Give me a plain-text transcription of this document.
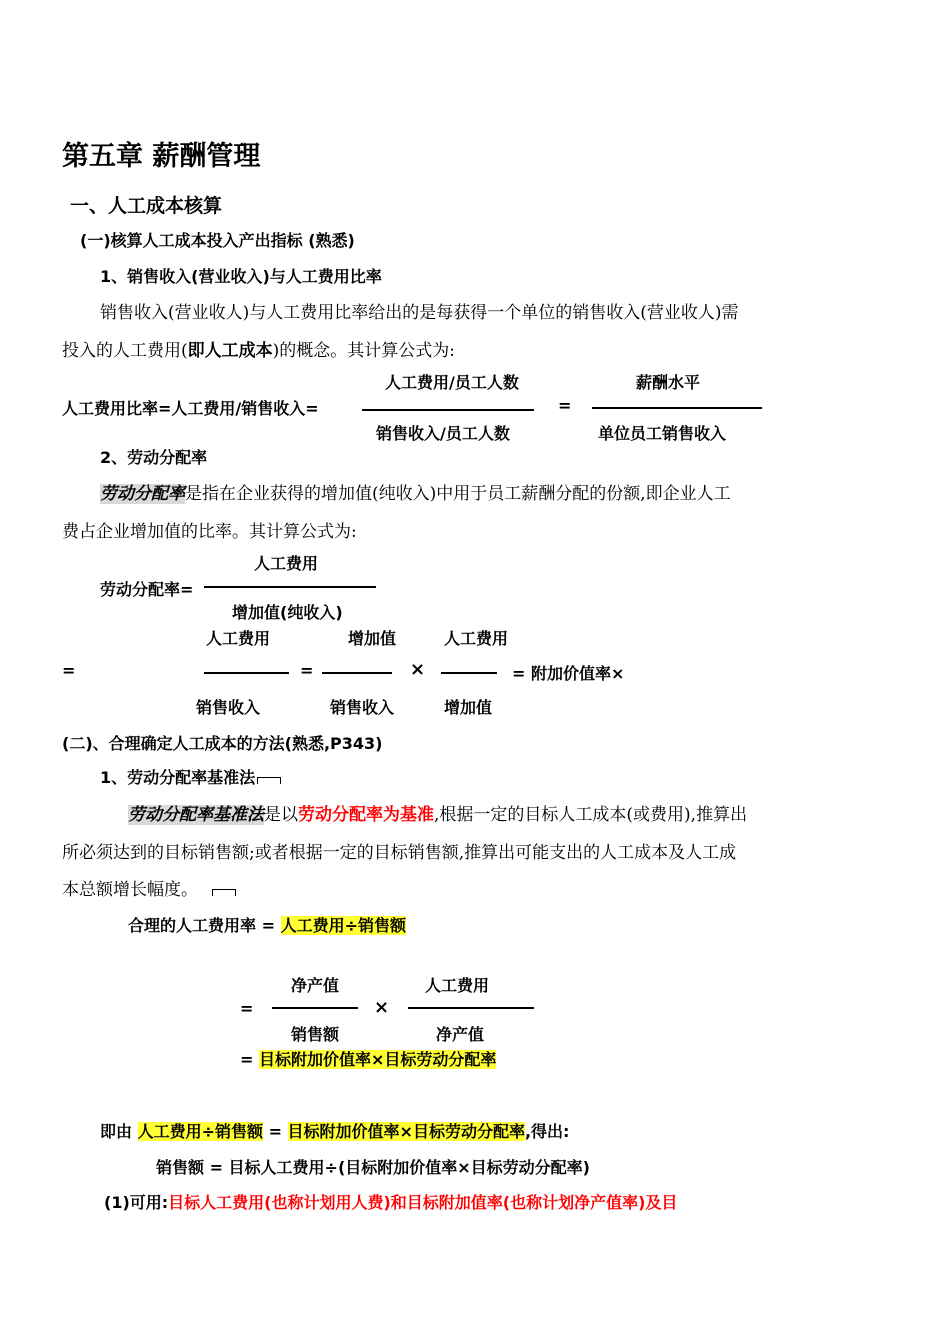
第五章 薪酬管理
一、人工成本核算
(一)核算人工成本投入产出指标 (熟悉)
1、销售收入(营业收入)与人工费用比率
销售收入(营业收人)与人工费用比率给出的是每获得一个单位的销售收入(营业收人)需
投入的人工费用(即人工成本)的概念。其计算公式为:
人工费用比率=人工费用/销售收入=
人工费用/员工人数
销售收入/员工人数
=
薪酬水平
单位员工销售收入
2、劳动分配率
劳动分配率是指在企业获得的增加值(纯收入)中用于员工薪酬分配的份额,即企业人工
费占企业增加值的比率。其计算公式为:
人工费用
劳动分配率=
增加值(纯收入)
人工费用	增加值	人工费用
=	=	×	= 附加价值率×
销售收入	销售收入	增加值
(二)、合理确定人工成本的方法(熟悉,P343)
1、劳动分配率基准法
劳动分配率基准法是以劳动分配率为基准,根据一定的目标人工成本(或费用),推算出
所必须达到的目标销售额;或者根据一定的目标销售额,推算出可能支出的人工成本及人工成
本总额增长幅度。
合理的人工费用率 = 人工费用÷销售额
净产值	人工费用
=	×
销售额	净产值
= 目标附加价值率×目标劳动分配率
即由 人工费用÷销售额 = 目标附加价值率×目标劳动分配率,得出:
销售额 = 目标人工费用÷(目标附加价值率×目标劳动分配率)
(1)可用:目标人工费用(也称计划用人费)和目标附加值率(也称计划净产值率)及目
